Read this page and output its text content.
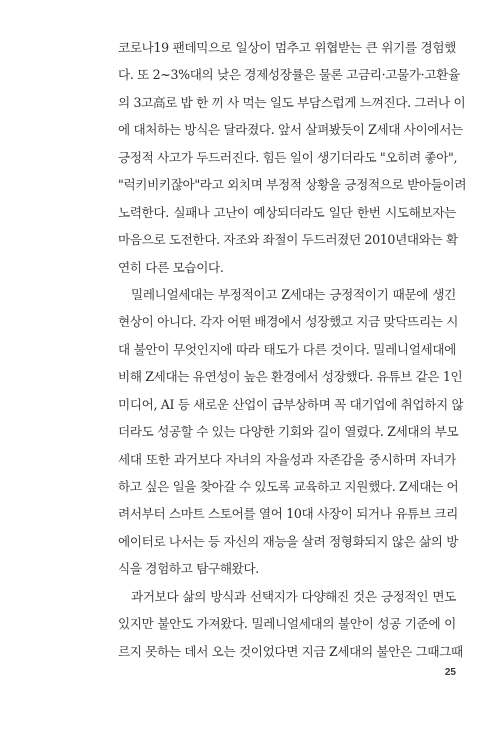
코로나19 팬데믹으로 일상이 멈추고 위협받는 큰 위기를 경험했
다. 또 2~3%대의 낮은 경제성장률은 물론 고금리·고물가·고환율
의 3고高로 밥 한 끼 사 먹는 일도 부담스럽게 느껴진다. 그러나 이
에 대처하는 방식은 달라졌다. 앞서 살펴봤듯이 Z세대 사이에서는
긍정적 사고가 두드러진다. 힘든 일이 생기더라도 "오히려 좋아",
"럭키비키잖아"라고 외치며 부정적 상황을 긍정적으로 받아들이려
노력한다. 실패나 고난이 예상되더라도 일단 한번 시도해보자는
마음으로 도전한다. 자조와 좌절이 두드러졌던 2010년대와는 확
연히 다른 모습이다.
밀레니얼세대는 부정적이고 Z세대는 긍정적이기 때문에 생긴
현상이 아니다. 각자 어떤 배경에서 성장했고 지금 맞닥뜨리는 시
대 불안이 무엇인지에 따라 태도가 다른 것이다. 밀레니얼세대에
비해 Z세대는 유연성이 높은 환경에서 성장했다. 유튜브 같은 1인
미디어, AI 등 새로운 산업이 급부상하며 꼭 대기업에 취업하지 않
더라도 성공할 수 있는 다양한 기회와 길이 열렸다. Z세대의 부모
세대 또한 과거보다 자녀의 자율성과 자존감을 중시하며 자녀가
하고 싶은 일을 찾아갈 수 있도록 교육하고 지원했다. Z세대는 어
려서부터 스마트 스토어를 열어 10대 사장이 되거나 유튜브 크리
에이터로 나서는 등 자신의 재능을 살려 정형화되지 않은 삶의 방
식을 경험하고 탐구해왔다.
과거보다 삶의 방식과 선택지가 다양해진 것은 긍정적인 면도
있지만 불안도 가져왔다. 밀레니얼세대의 불안이 성공 기준에 이
르지 못하는 데서 오는 것이었다면 지금 Z세대의 불안은 그때그때
25
